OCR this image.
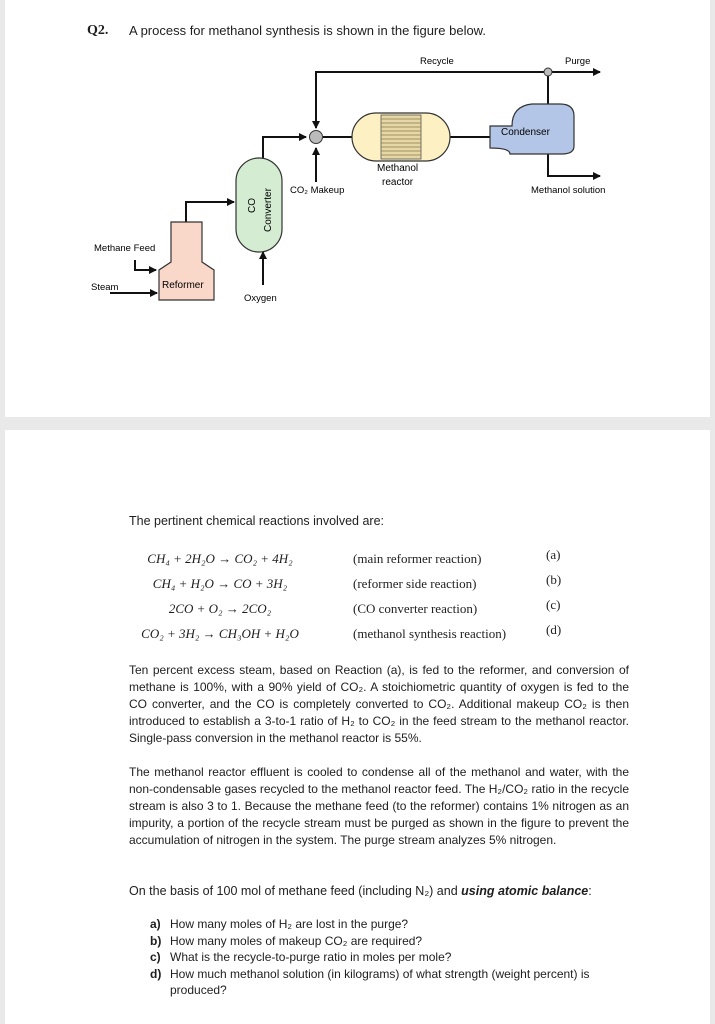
Q2. A process for methanol synthesis is shown in the figure below.
Recycle	Purge
Condenser
Methanol
reactor
Methanol solution
CO₂ Makeup
CO Converter
Methane Feed
Steam	Reformer
Oxygen
The pertinent chemical reactions involved are:
CH₄ + 2H₂O → CO₂ + 4H₂	(main reformer reaction)	(a)
CH₄ + H₂O → CO + 3H₂	(reformer side reaction)	(b)
2CO + O₂ → 2CO₂	(CO converter reaction)	(c)
CO₂ + 3H₂ → CH₃OH + H₂O	(methanol synthesis reaction)	(d)
Ten percent excess steam, based on Reaction (a), is fed to the reformer, and conversion of methane is 100%, with a 90% yield of CO₂. A stoichiometric quantity of oxygen is fed to the CO converter, and the CO is completely converted to CO₂. Additional makeup CO₂ is then introduced to establish a 3-to-1 ratio of H₂ to CO₂ in the feed stream to the methanol reactor. Single-pass conversion in the methanol reactor is 55%.
The methanol reactor effluent is cooled to condense all of the methanol and water, with the non-condensable gases recycled to the methanol reactor feed. The H₂/CO₂ ratio in the recycle stream is also 3 to 1. Because the methane feed (to the reformer) contains 1% nitrogen as an impurity, a portion of the recycle stream must be purged as shown in the figure to prevent the accumulation of nitrogen in the system. The purge stream analyzes 5% nitrogen.
On the basis of 100 mol of methane feed (including N₂) and using atomic balance:
a) How many moles of H₂ are lost in the purge?
b) How many moles of makeup CO₂ are required?
c) What is the recycle-to-purge ratio in moles per mole?
d) How much methanol solution (in kilograms) of what strength (weight percent) is produced?
